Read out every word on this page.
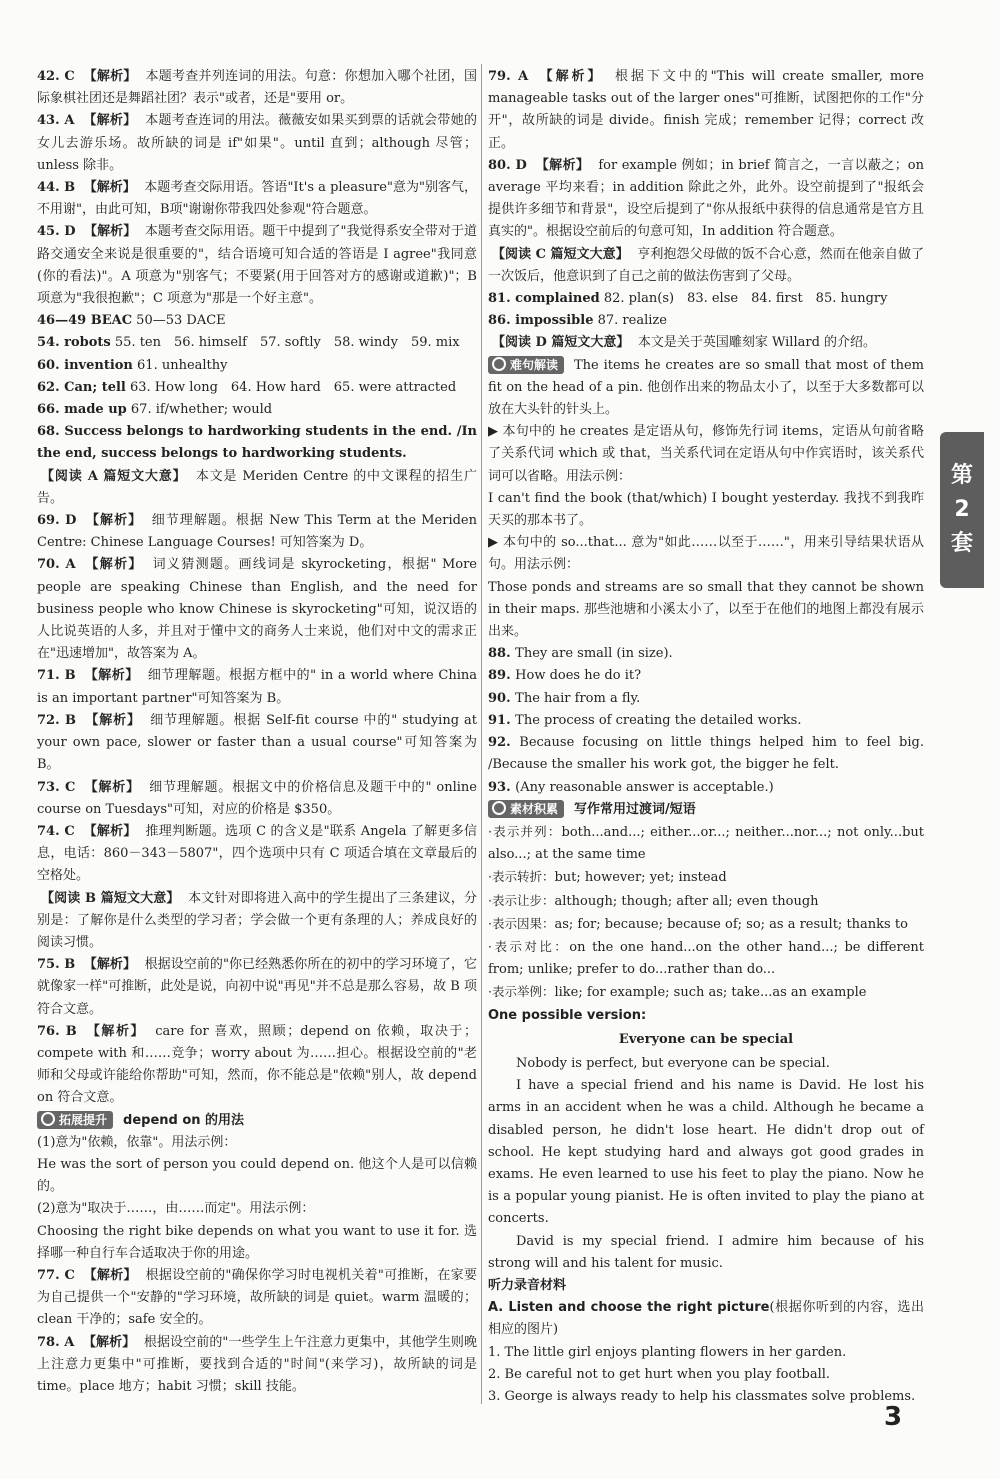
42. C 【解析】 本题考查并列连词的用法。句意：你想加入哪个社团，国际象棋社团还是舞蹈社团？表示"或者，还是"要用 or。

43. A 【解析】 本题考查连词的用法。薇薇安如果买到票的话就会带她的女儿去游乐场。故所缺的词是 if"如果"。until 直到；although 尽管；unless 除非。

44. B 【解析】 本题考查交际用语。答语"It's a pleasure"意为"别客气，不用谢"，由此可知，B项"谢谢你带我四处参观"符合题意。

45. D 【解析】 本题考查交际用语。题干中提到了"我觉得系安全带对于道路交通安全来说是很重要的"，结合语境可知合适的答语是 I agree"我同意(你的看法)"。A 项意为"别客气；不要紧(用于回答对方的感谢或道歉)"；B 项意为"我很抱歉"；C 项意为"那是一个好主意"。

46—49 BEAC 50—53 DACE

54. robots 55. ten　56. himself　57. softly　58. windy　59. mix

60. invention 61. unhealthy

62. Can; tell 63. How long　64. How hard　65. were attracted

66. made up 67. if/whether; would

68. Success belongs to hardworking students in the end. /In the end, success belongs to hardworking students.

【阅读 A 篇短文大意】 本文是 Meriden Centre 的中文课程的招生广告。

69. D 【解析】 细节理解题。根据 New This Term at the Meriden Centre: Chinese Language Courses! 可知答案为 D。

70. A 【解析】 词义猜测题。画线词是 skyrocketing，根据" More people are speaking Chinese than English, and the need for business people who know Chinese is skyrocketing"可知，说汉语的人比说英语的人多，并且对于懂中文的商务人士来说，他们对中文的需求正在"迅速增加"，故答案为 A。

71. B 【解析】 细节理解题。根据方框中的" in a world where China is an important partner"可知答案为 B。

72. B 【解析】 细节理解题。根据 Self-fit course 中的" studying at your own pace, slower or faster than a usual course"可知答案为 B。

73. C 【解析】 细节理解题。根据文中的价格信息及题干中的" online course on Tuesdays"可知，对应的价格是 $350。

74. C 【解析】 推理判断题。选项 C 的含义是"联系 Angela 了解更多信息，电话：860－343－5807"，四个选项中只有 C 项适合填在文章最后的空格处。

【阅读 B 篇短文大意】 本文针对即将进入高中的学生提出了三条建议，分别是：了解你是什么类型的学习者；学会做一个更有条理的人；养成良好的阅读习惯。

75. B 【解析】 根据设空前的"你已经熟悉你所在的初中的学习环境了，它就像家一样"可推断，此处是说，向初中说"再见"并不总是那么容易，故 B 项符合文意。

76. B 【解析】 care for 喜欢，照顾；depend on 依赖，取决于；compete with 和……竞争；worry about 为……担心。根据设空前的"老师和父母或许能给你帮助"可知，然而，你不能总是"依赖"别人，故 depend on 符合文意。

拓展提升 depend on 的用法

(1)意为"依赖，依靠"。用法示例：

He was the sort of person you could depend on. 他这个人是可以信赖的。

(2)意为"取决于……，由……而定"。用法示例：

Choosing the right bike depends on what you want to use it for. 选择哪一种自行车合适取决于你的用途。

77. C 【解析】 根据设空前的"确保你学习时电视机关着"可推断，在家要为自己提供一个"安静的"学习环境，故所缺的词是 quiet。warm 温暖的；clean 干净的；safe 安全的。

78. A 【解析】 根据设空前的"一些学生上午注意力更集中，其他学生则晚上注意力更集中"可推断，要找到合适的"时间"(来学习)，故所缺的词是 time。place 地方；habit 习惯；skill 技能。

79. A 【解析】 根据下文中的"This will create smaller, more manageable tasks out of the larger ones"可推断，试图把你的工作"分开"，故所缺的词是 divide。finish 完成；remember 记得；correct 改正。

80. D 【解析】 for example 例如；in brief 简言之，一言以蔽之；on average 平均来看；in addition 除此之外，此外。设空前提到了"报纸会提供许多细节和背景"，设空后提到了"你从报纸中获得的信息通常是官方且真实的"。根据设空前后的句意可知，In addition 符合题意。

【阅读 C 篇短文大意】 亨利抱怨父母做的饭不合心意，然而在他亲自做了一次饭后，他意识到了自己之前的做法伤害到了父母。

81. complained 82. plan(s)　83. else　84. first　85. hungry

86. impossible 87. realize

【阅读 D 篇短文大意】 本文是关于英国雕刻家 Willard 的介绍。

难句解读 The items he creates are so small that most of them fit on the head of a pin. 他创作出来的物品太小了，以至于大多数都可以放在大头针的针头上。

▶ 本句中的 he creates 是定语从句，修饰先行词 items，定语从句前省略了关系代词 which 或 that，当关系代词在定语从句中作宾语时，该关系代词可以省略。用法示例：

I can't find the book (that/which) I bought yesterday. 我找不到我昨天买的那本书了。

▶ 本句中的 so...that... 意为"如此……以至于……"，用来引导结果状语从句。用法示例：

Those ponds and streams are so small that they cannot be shown in their maps. 那些池塘和小溪太小了，以至于在他们的地图上都没有展示出来。

88. They are small (in size).

89. How does he do it?

90. The hair from a fly.

91. The process of creating the detailed works.

92. Because focusing on little things helped him to feel big. /Because the smaller his work got, the bigger he felt.

93. (Any reasonable answer is acceptable.)

素材积累 写作常用过渡词/短语

·表示并列：both...and...; either...or...; neither...nor...; not only...but also...; at the same time

·表示转折：but; however; yet; instead

·表示让步：although; though; after all; even though

·表示因果：as; for; because; because of; so; as a result; thanks to

·表示对比：on the one hand...on the other hand...; be different from; unlike; prefer to do...rather than do...

·表示举例：like; for example; such as; take...as an example

One possible version:

Everyone can be special

Nobody is perfect, but everyone can be special.

I have a special friend and his name is David. He lost his arms in an accident when he was a child. Although he became a disabled person, he didn't lose heart. He didn't drop out of school. He kept studying hard and always got good grades in exams. He even learned to use his feet to play the piano. Now he is a popular young pianist. He is often invited to play the piano at concerts.

David is my special friend. I admire him because of his strong will and his talent for music.

听力录音材料

A. Listen and choose the right picture(根据你听到的内容，选出相应的图片)

1. The little girl enjoys planting flowers in her garden.

2. Be careful not to get hurt when you play football.

3. George is always ready to help his classmates solve problems.

第
2
套
3
